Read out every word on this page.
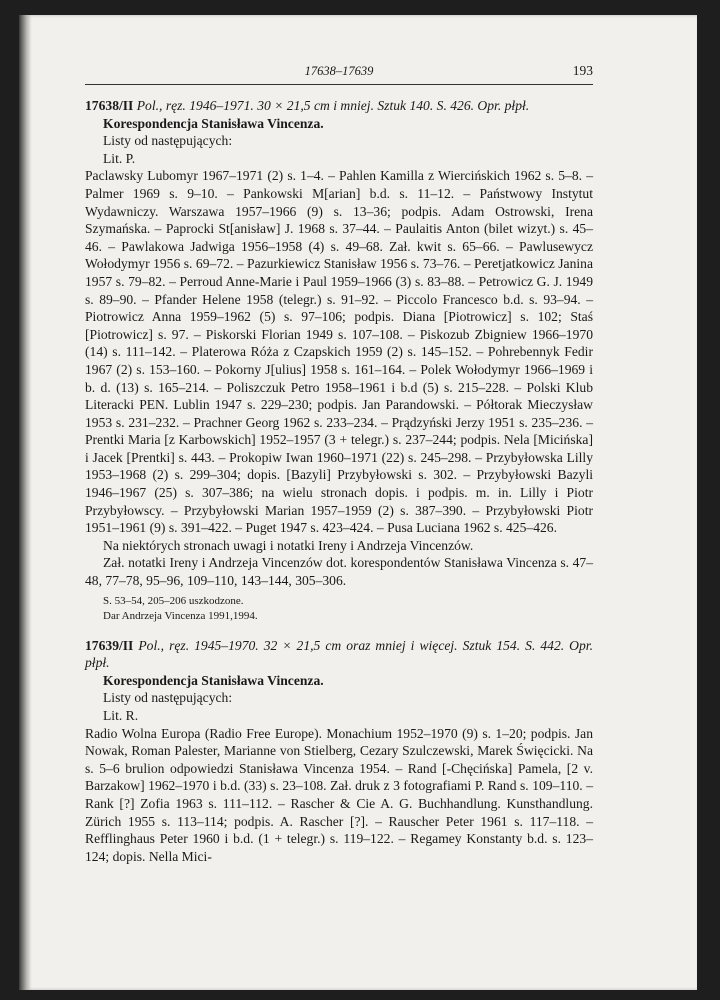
17638–17639	193

17638/II Pol., ręz. 1946–1971. 30 × 21,5 cm i mniej. Sztuk 140. S. 426. Opr. płpł.

Korespondencja Stanisława Vincenza.

Listy od następujących:

Lit. P.

Paclawsky Lubomyr 1967–1971 (2) s. 1–4. – Pahlen Kamilla z Wiercińskich 1962 s. 5–8. – Palmer 1969 s. 9–10. – Pankowski M[arian] b.d. s. 11–12. – Państwowy Instytut Wydawniczy. Warszawa 1957–1966 (9) s. 13–36; podpis. Adam Ostrowski, Irena Szymańska. – Paprocki St[anisław] J. 1968 s. 37–44. – Paulaitis Anton (bilet wizyt.) s. 45–46. – Pawlakowa Jadwiga 1956–1958 (4) s. 49–68. Zał. kwit s. 65–66. – Pawlusewycz Wołodymyr 1956 s. 69–72. – Pazurkiewicz Stanisław 1956 s. 73–76. – Peretjatkowicz Janina 1957 s. 79–82. – Perroud Anne-Marie i Paul 1959–1966 (3) s. 83–88. – Petrowicz G. J. 1949 s. 89–90. – Pfander Helene 1958 (telegr.) s. 91–92. – Piccolo Francesco b.d. s. 93–94. – Piotrowicz Anna 1959–1962 (5) s. 97–106; podpis. Diana [Piotrowicz] s. 102; Staś [Piotrowicz] s. 97. – Piskorski Florian 1949 s. 107–108. – Piskozub Zbigniew 1966–1970 (14) s. 111–142. – Platerowa Róża z Czapskich 1959 (2) s. 145–152. – Pohrebennyk Fedir 1967 (2) s. 153–160. – Pokorny J[ulius] 1958 s. 161–164. – Polek Wołodymyr 1966–1969 i b. d. (13) s. 165–214. – Poliszczuk Petro 1958–1961 i b.d (5) s. 215–228. – Polski Klub Literacki PEN. Lublin 1947 s. 229–230; podpis. Jan Parandowski. – Półtorak Mieczysław 1953 s. 231–232. – Prachner Georg 1962 s. 233–234. – Prądzyński Jerzy 1951 s. 235–236. – Prentki Maria [z Karbowskich] 1952–1957 (3 + telegr.) s. 237–244; podpis. Nela [Micińska] i Jacek [Prentki] s. 443. – Prokopiw Iwan 1960–1971 (22) s. 245–298. – Przybyłowska Lilly 1953–1968 (2) s. 299–304; dopis. [Bazyli] Przybyłowski s. 302. – Przybyłowski Bazyli 1946–1967 (25) s. 307–386; na wielu stronach dopis. i podpis. m. in. Lilly i Piotr Przybyłowscy. – Przybyłowski Marian 1957–1959 (2) s. 387–390. – Przybyłowski Piotr 1951–1961 (9) s. 391–422. – Puget 1947 s. 423–424. – Pusa Luciana 1962 s. 425–426.

Na niektórych stronach uwagi i notatki Ireny i Andrzeja Vincenzów.

Zał. notatki Ireny i Andrzeja Vincenzów dot. korespondentów Stanisława Vincenza s. 47–48, 77–78, 95–96, 109–110, 143–144, 305–306.

S. 53–54, 205–206 uszkodzone.

Dar Andrzeja Vincenza 1991,1994.

17639/II Pol., ręz. 1945–1970. 32 × 21,5 cm oraz mniej i więcej. Sztuk 154. S. 442. Opr. płpł.

Korespondencja Stanisława Vincenza.

Listy od następujących:

Lit. R.

Radio Wolna Europa (Radio Free Europe). Monachium 1952–1970 (9) s. 1–20; podpis. Jan Nowak, Roman Palester, Marianne von Stielberg, Cezary Szulczewski, Marek Święcicki. Na s. 5–6 brulion odpowiedzi Stanisława Vincenza 1954. – Rand [-Chęcińska] Pamela, [2 v. Barzakow] 1962–1970 i b.d. (33) s. 23–108. Zał. druk z 3 fotografiami P. Rand s. 109–110. – Rank [?] Zofia 1963 s. 111–112. – Rascher & Cie A. G. Buchhandlung. Kunsthandlung. Zürich 1955 s. 113–114; podpis. A. Rascher [?]. – Rauscher Peter 1961 s. 117–118. – Refflinghaus Peter 1960 i b.d. (1 + telegr.) s. 119–122. – Regamey Konstanty b.d. s. 123–124; dopis. Nella Mici-
